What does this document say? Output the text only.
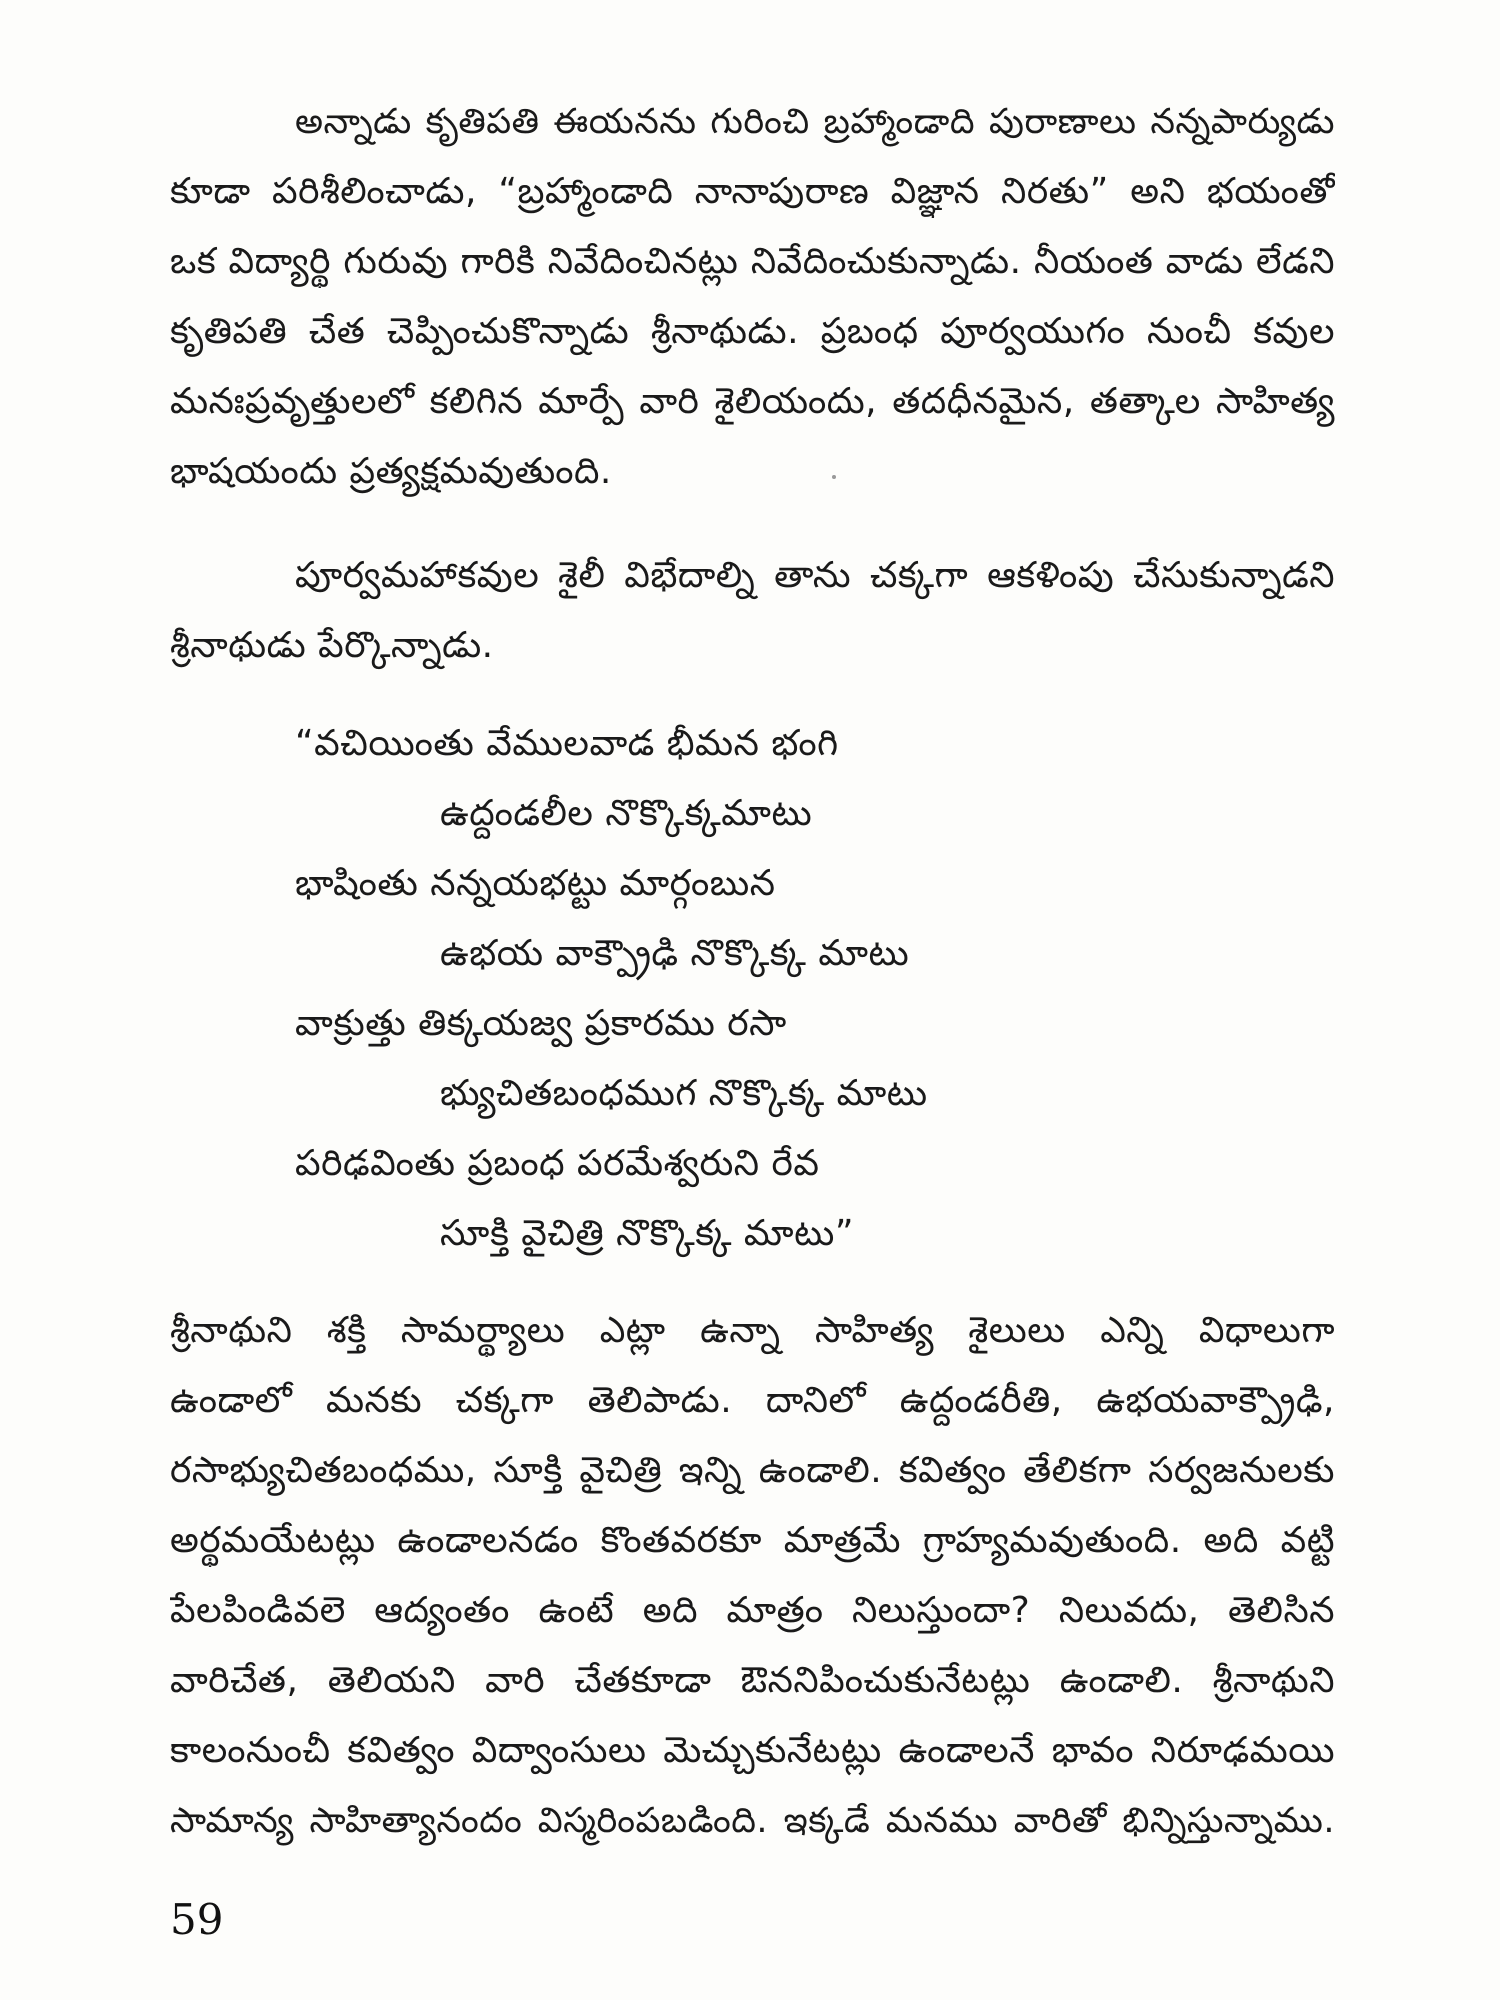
అన్నాడు కృతిపతి ఈయనను గురించి బ్రహ్మాండాది పురాణాలు నన్నపార్యుడు
కూడా పరిశీలించాడు, “బ్రహ్మాండాది నానాపురాణ విజ్ఞాన నిరతు” అని భయంతో
ఒక విద్యార్థి గురువు గారికి నివేదించినట్లు నివేదించుకున్నాడు. నీయంత వాడు లేడని
కృతిపతి చేత చెప్పించుకొన్నాడు శ్రీనాథుడు. ప్రబంధ పూర్వయుగం నుంచీ కవుల
మనఃప్రవృత్తులలో కలిగిన మార్పే వారి శైలియందు, తదధీనమైన, తత్కాల సాహిత్య
భాషయందు ప్రత్యక్షమవుతుంది.
పూర్వమహాకవుల శైలీ విభేదాల్ని తాను చక్కగా ఆకళింపు చేసుకున్నాడని
శ్రీనాథుడు పేర్కొన్నాడు.
“వచియింతు వేములవాడ భీమన భంగి
ఉద్దండలీల నొక్కొక్కమాటు
భాషింతు నన్నయభట్టు మార్గంబున
ఉభయ వాక్ప్రౌఢి నొక్కొక్క మాటు
వాక్రుత్తు తిక్కయజ్వ ప్రకారము రసా
భ్యుచితబంధముగ నొక్కొక్క మాటు
పరిఢవింతు ప్రబంధ పరమేశ్వరుని రేవ
సూక్తి వైచిత్రి నొక్కొక్క మాటు”
శ్రీనాథుని శక్తి సామర్థ్యాలు ఎట్లా ఉన్నా సాహిత్య శైలులు ఎన్ని విధాలుగా
ఉండాలో మనకు చక్కగా తెలిపాడు. దానిలో ఉద్దండరీతి, ఉభయవాక్ప్రౌఢి,
రసాభ్యుచితబంధము, సూక్తి వైచిత్రి ఇన్ని ఉండాలి. కవిత్వం తేలికగా సర్వజనులకు
అర్థమయేటట్లు ఉండాలనడం కొంతవరకూ మాత్రమే గ్రాహ్యమవుతుంది. అది వట్టి
పేలపిండివలె ఆద్యంతం ఉంటే అది మాత్రం నిలుస్తుందా? నిలువదు, తెలిసిన
వారిచేత, తెలియని వారి చేతకూడా ఔననిపించుకునేటట్లు ఉండాలి. శ్రీనాథుని
కాలంనుంచీ కవిత్వం విద్వాంసులు మెచ్చుకునేటట్లు ఉండాలనే భావం నిరూఢమయి
సామాన్య సాహిత్యానందం విస్మరింపబడింది. ఇక్కడే మనము వారితో భిన్నిస్తున్నాము.
59
